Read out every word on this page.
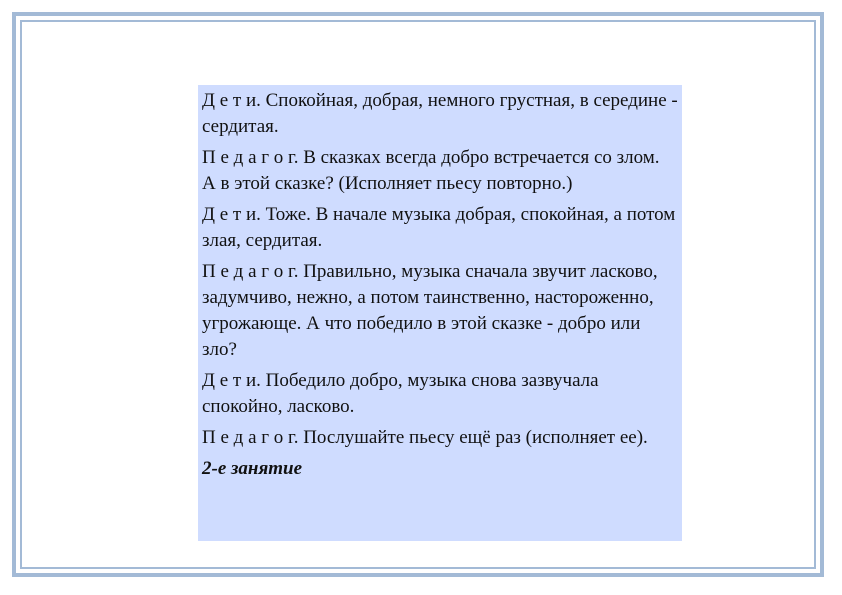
Д е т и. Спокойная, добрая, немного грустная, в середине - сердитая.

П е д а г о г. В сказках всегда добро встречается со злом. А в этой сказке? (Исполняет пьесу повторно.)

Д е т и. Тоже. В начале музыка добрая, спокойная, а потом злая, сердитая.

П е д а г о г. Правильно, музыка сначала звучит ласково, задумчиво, нежно, а потом таинственно, настороженно, угрожающе. А что победило в этой сказке - добро или зло?

Д е т и. Победило добро, музыка снова зазвучала спокойно, ласково.

П е д а г о г. Послушайте пьесу ещё раз (исполняет ее).

2-е занятие
